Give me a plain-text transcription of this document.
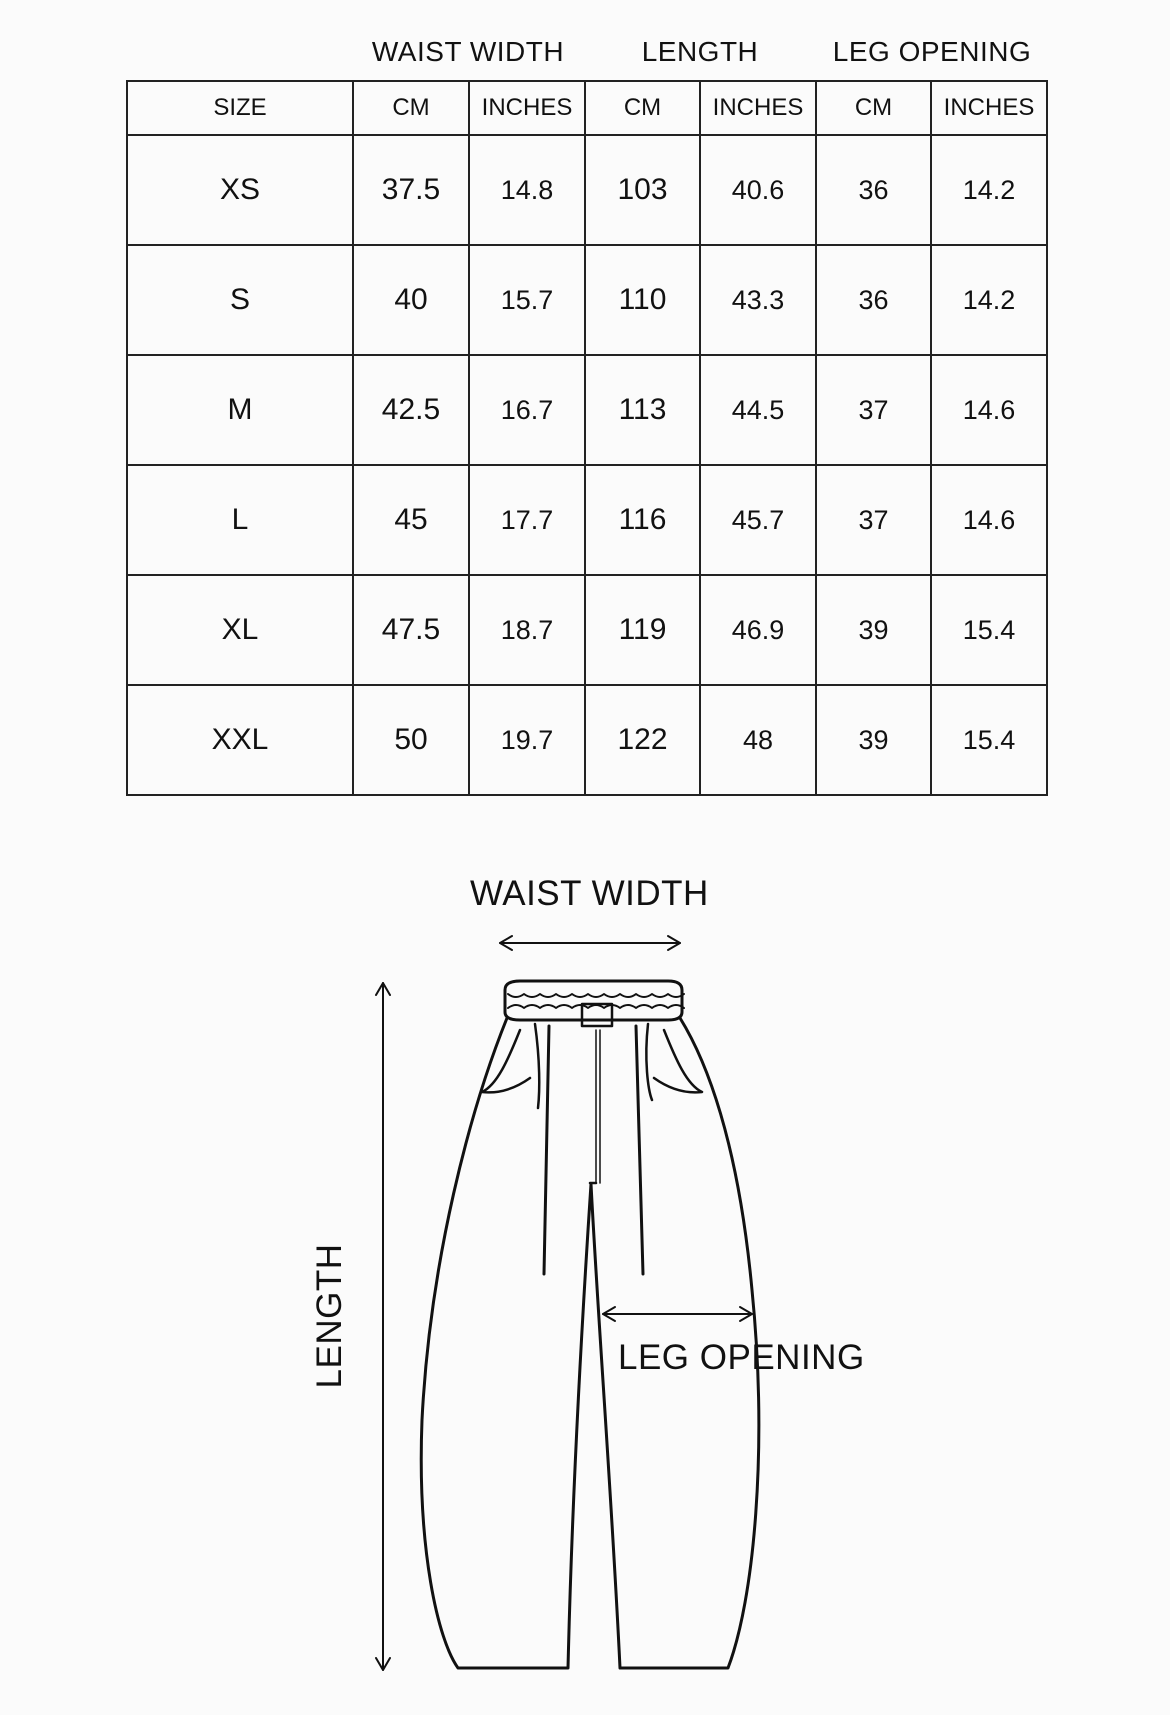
WAIST WIDTH	LENGTH	LEG OPENING
SIZE	CM	INCHES	CM	INCHES	CM	INCHES
XS	37.5	14.8	103	40.6	36	14.2
S	40	15.7	110	43.3	36	14.2
M	42.5	16.7	113	44.5	37	14.6
L	45	17.7	116	45.7	37	14.6
XL	47.5	18.7	119	46.9	39	15.4
XXL	50	19.7	122	48	39	15.4
WAIST WIDTH
LEG OPENING
LENGTH
